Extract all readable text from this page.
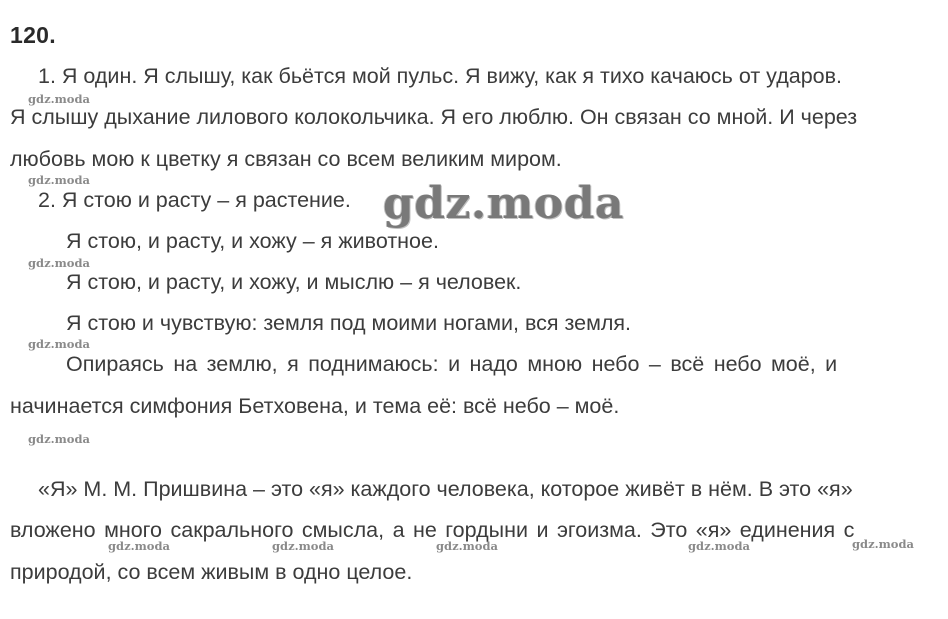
120.
1. Я один. Я слышу, как бьётся мой пульс. Я вижу, как я тихо качаюсь от ударов.
Я слышу дыхание лилового колокольчика. Я его люблю. Он связан со мной. И через
любовь мою к цветку я связан со всем великим миром.
2. Я стою и расту – я растение.
Я стою, и расту, и хожу – я животное.
Я стою, и расту, и хожу, и мыслю – я человек.
Я стою и чувствую: земля под моими ногами, вся земля.
Опираясь на землю, я поднимаюсь: и надо мною небо – всё небо моё, и
начинается симфония Бетховена, и тема её: всё небо – моё.
«Я» М. М. Пришвина – это «я» каждого человека, которое живёт в нём. В это «я»
вложено много сакрального смысла, а не гордыни и эгоизма. Это «я» единения с
природой, со всем живым в одно целое.
gdz.moda
gdz.moda
gdz.moda
gdz.moda
gdz.moda
gdz.moda
gdz.moda	gdz.moda	gdz.moda	gdz.moda	gdz.moda
